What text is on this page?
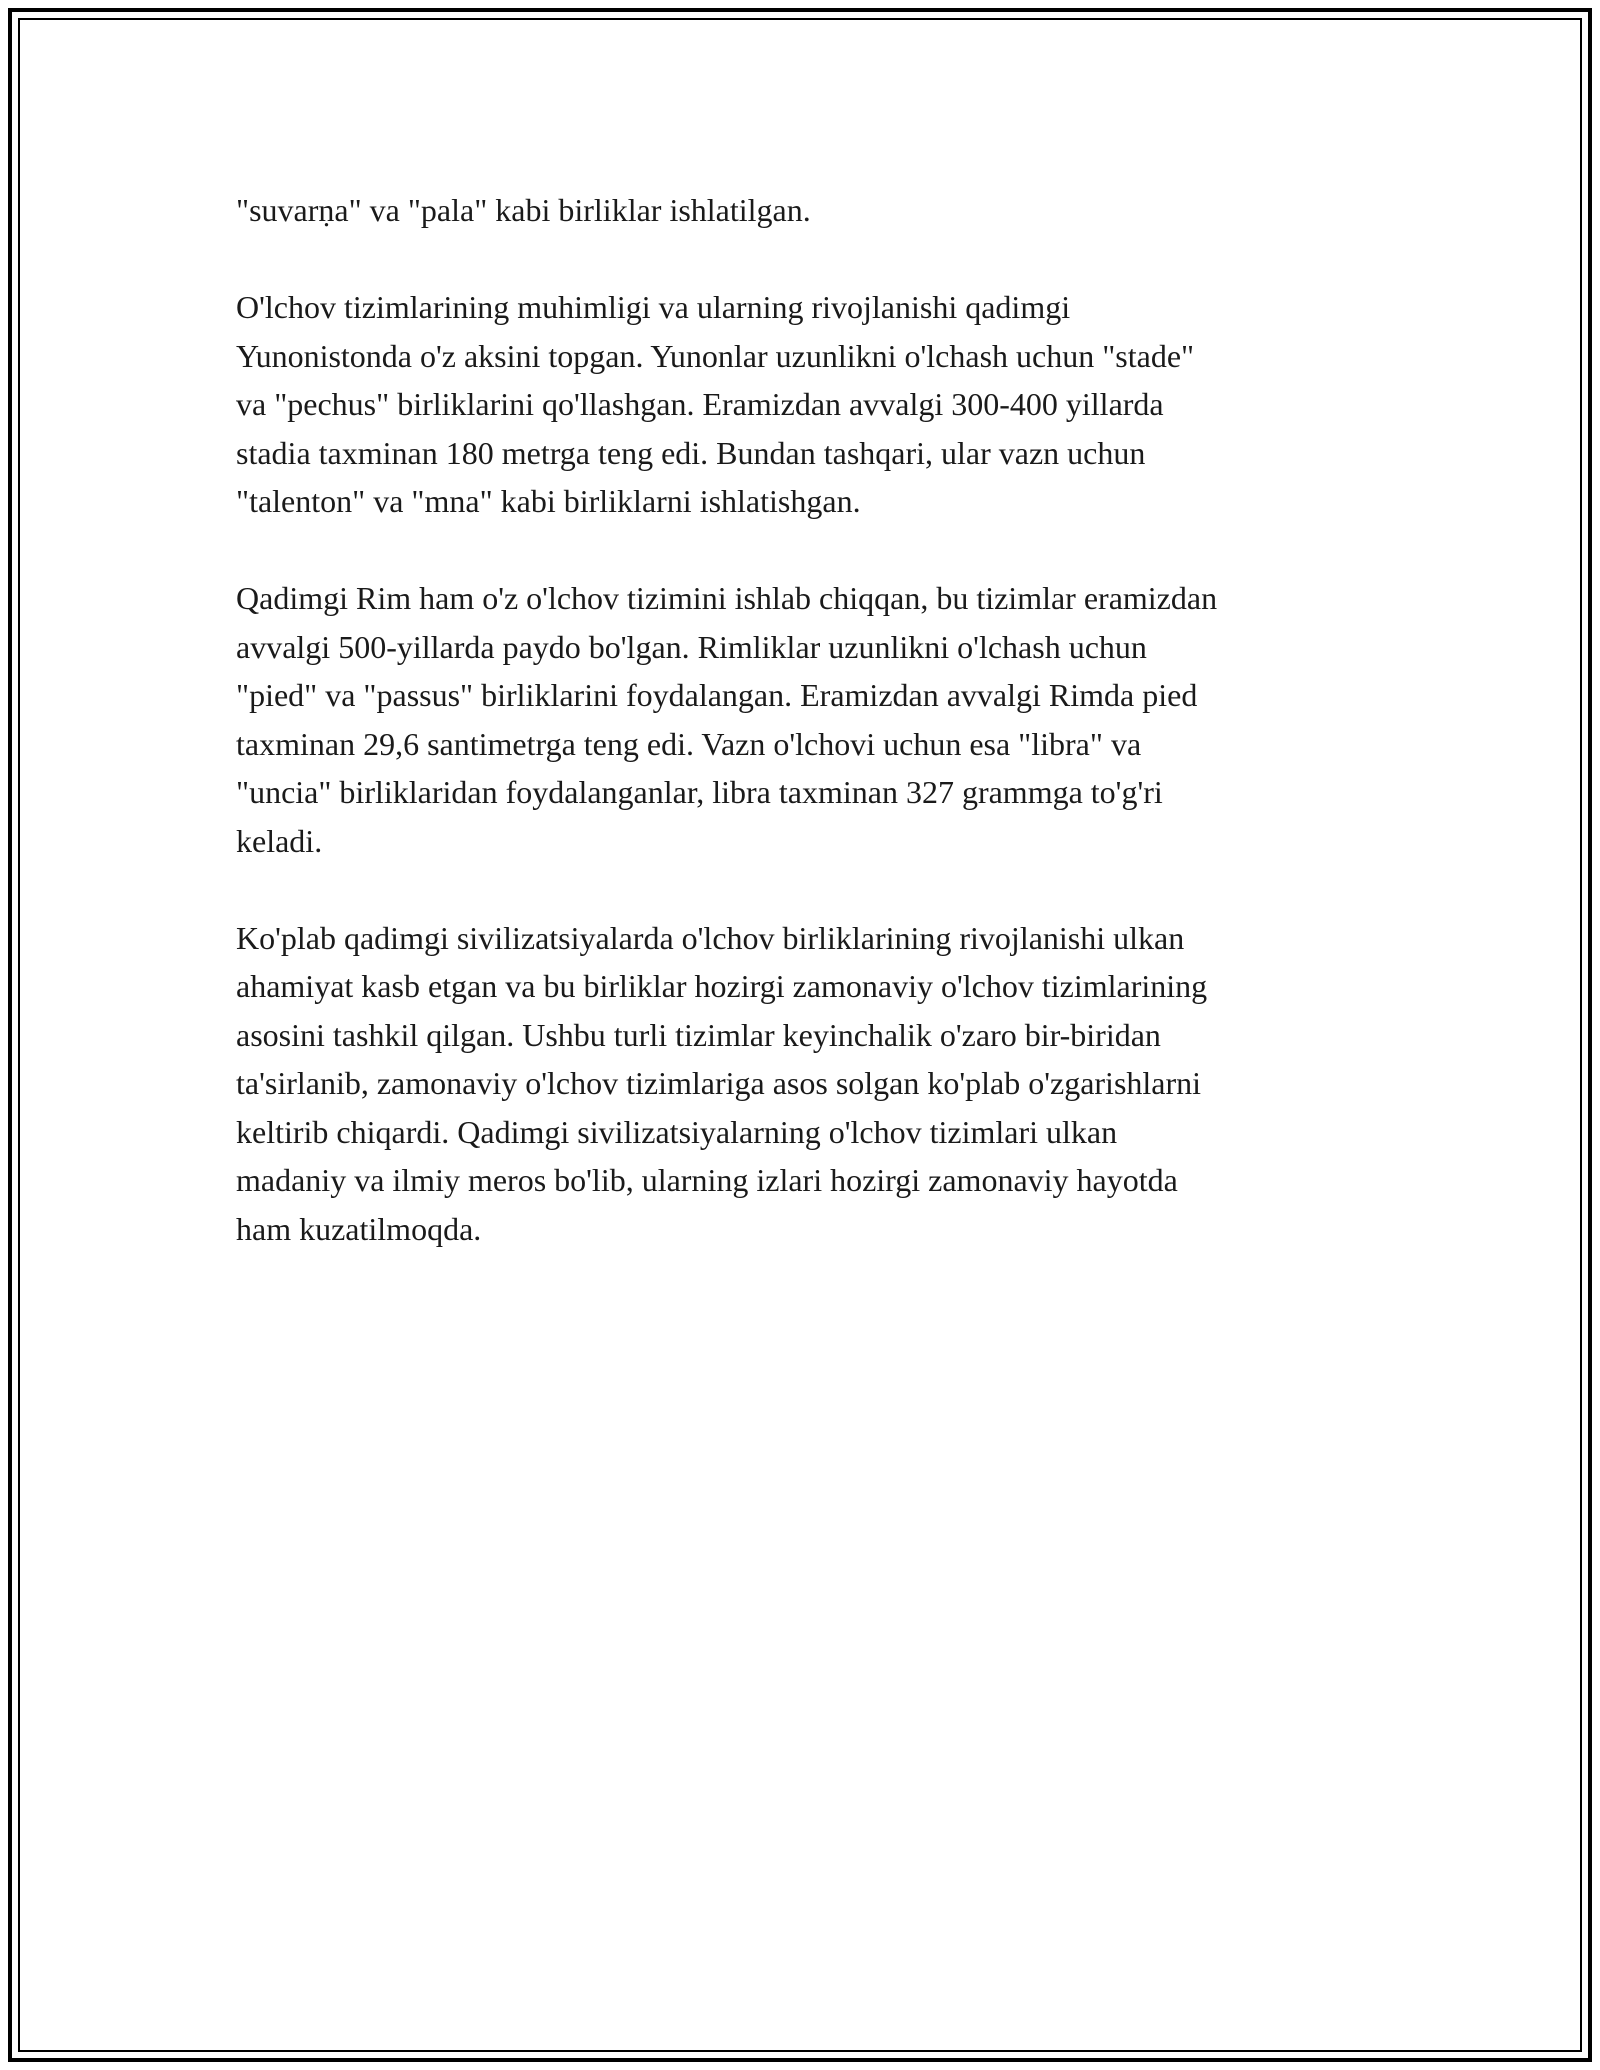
"suvarṇa" va "pala" kabi birliklar ishlatilgan.

O'lchov tizimlarining muhimligi va ularning rivojlanishi qadimgi
Yunonistonda o'z aksini topgan. Yunonlar uzunlikni o'lchash uchun "stade"
va "pechus" birliklarini qo'llashgan. Eramizdan avvalgi 300-400 yillarda
stadia taxminan 180 metrga teng edi. Bundan tashqari, ular vazn uchun
"talenton" va "mna" kabi birliklarni ishlatishgan.

Qadimgi Rim ham o'z o'lchov tizimini ishlab chiqqan, bu tizimlar eramizdan
avvalgi 500-yillarda paydo bo'lgan. Rimliklar uzunlikni o'lchash uchun
"pied" va "passus" birliklarini foydalangan. Eramizdan avvalgi Rimda pied
taxminan 29,6 santimetrga teng edi. Vazn o'lchovi uchun esa "libra" va
"uncia" birliklaridan foydalanganlar, libra taxminan 327 grammga to'g'ri
keladi.

Ko'plab qadimgi sivilizatsiyalarda o'lchov birliklarining rivojlanishi ulkan
ahamiyat kasb etgan va bu birliklar hozirgi zamonaviy o'lchov tizimlarining
asosini tashkil qilgan. Ushbu turli tizimlar keyinchalik o'zaro bir-biridan
ta'sirlanib, zamonaviy o'lchov tizimlariga asos solgan ko'plab o'zgarishlarni
keltirib chiqardi. Qadimgi sivilizatsiyalarning o'lchov tizimlari ulkan
madaniy va ilmiy meros bo'lib, ularning izlari hozirgi zamonaviy hayotda
ham kuzatilmoqda.
